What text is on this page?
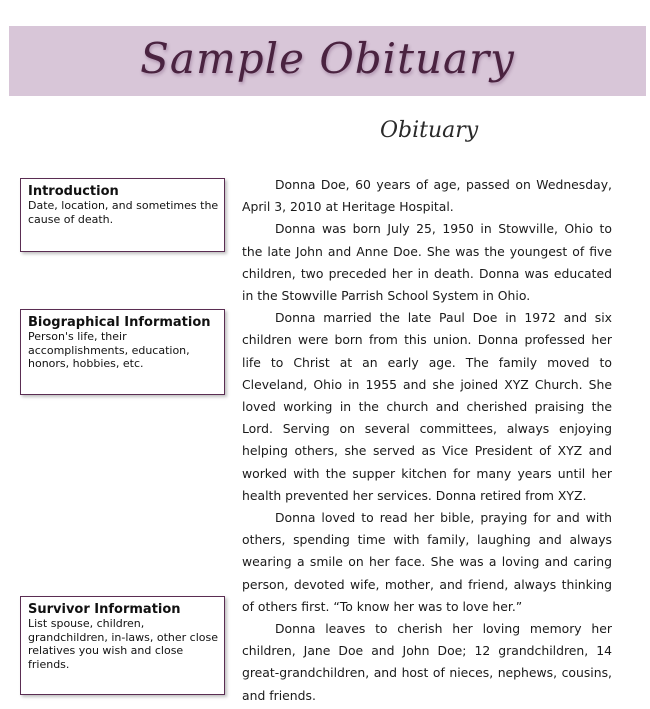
Sample Obituary
Obituary
Introduction
Date, location, and sometimes the cause of death.
Biographical Information
Person's life, their accomplishments, education, honors, hobbies, etc.
Survivor Information
List spouse, children, grandchildren, in-laws, other close relatives you wish and close friends.

Donna Doe, 60 years of age, passed on Wednesday, April 3, 2010 at Heritage Hospital.

Donna was born July 25, 1950 in Stowville, Ohio to the late John and Anne Doe. She was the youngest of five children, two preceded her in death. Donna was educated in the Stowville Parrish School System in Ohio.

Donna married the late Paul Doe in 1972 and six children were born from this union. Donna professed her life to Christ at an early age. The family moved to Cleveland, Ohio in 1955 and she joined XYZ Church. She loved working in the church and cherished praising the Lord. Serving on several committees, always enjoying helping others, she served as Vice President of XYZ and worked with the supper kitchen for many years until her health prevented her services. Donna retired from XYZ.

Donna loved to read her bible, praying for and with others, spending time with family, laughing and always wearing a smile on her face. She was a loving and caring person, devoted wife, mother, and friend, always thinking of others first. “To know her was to love her.”

Donna leaves to cherish her loving memory her children, Jane Doe and John Doe; 12 grandchildren, 14 great-grandchildren, and host of nieces, nephews, cousins, and friends.
